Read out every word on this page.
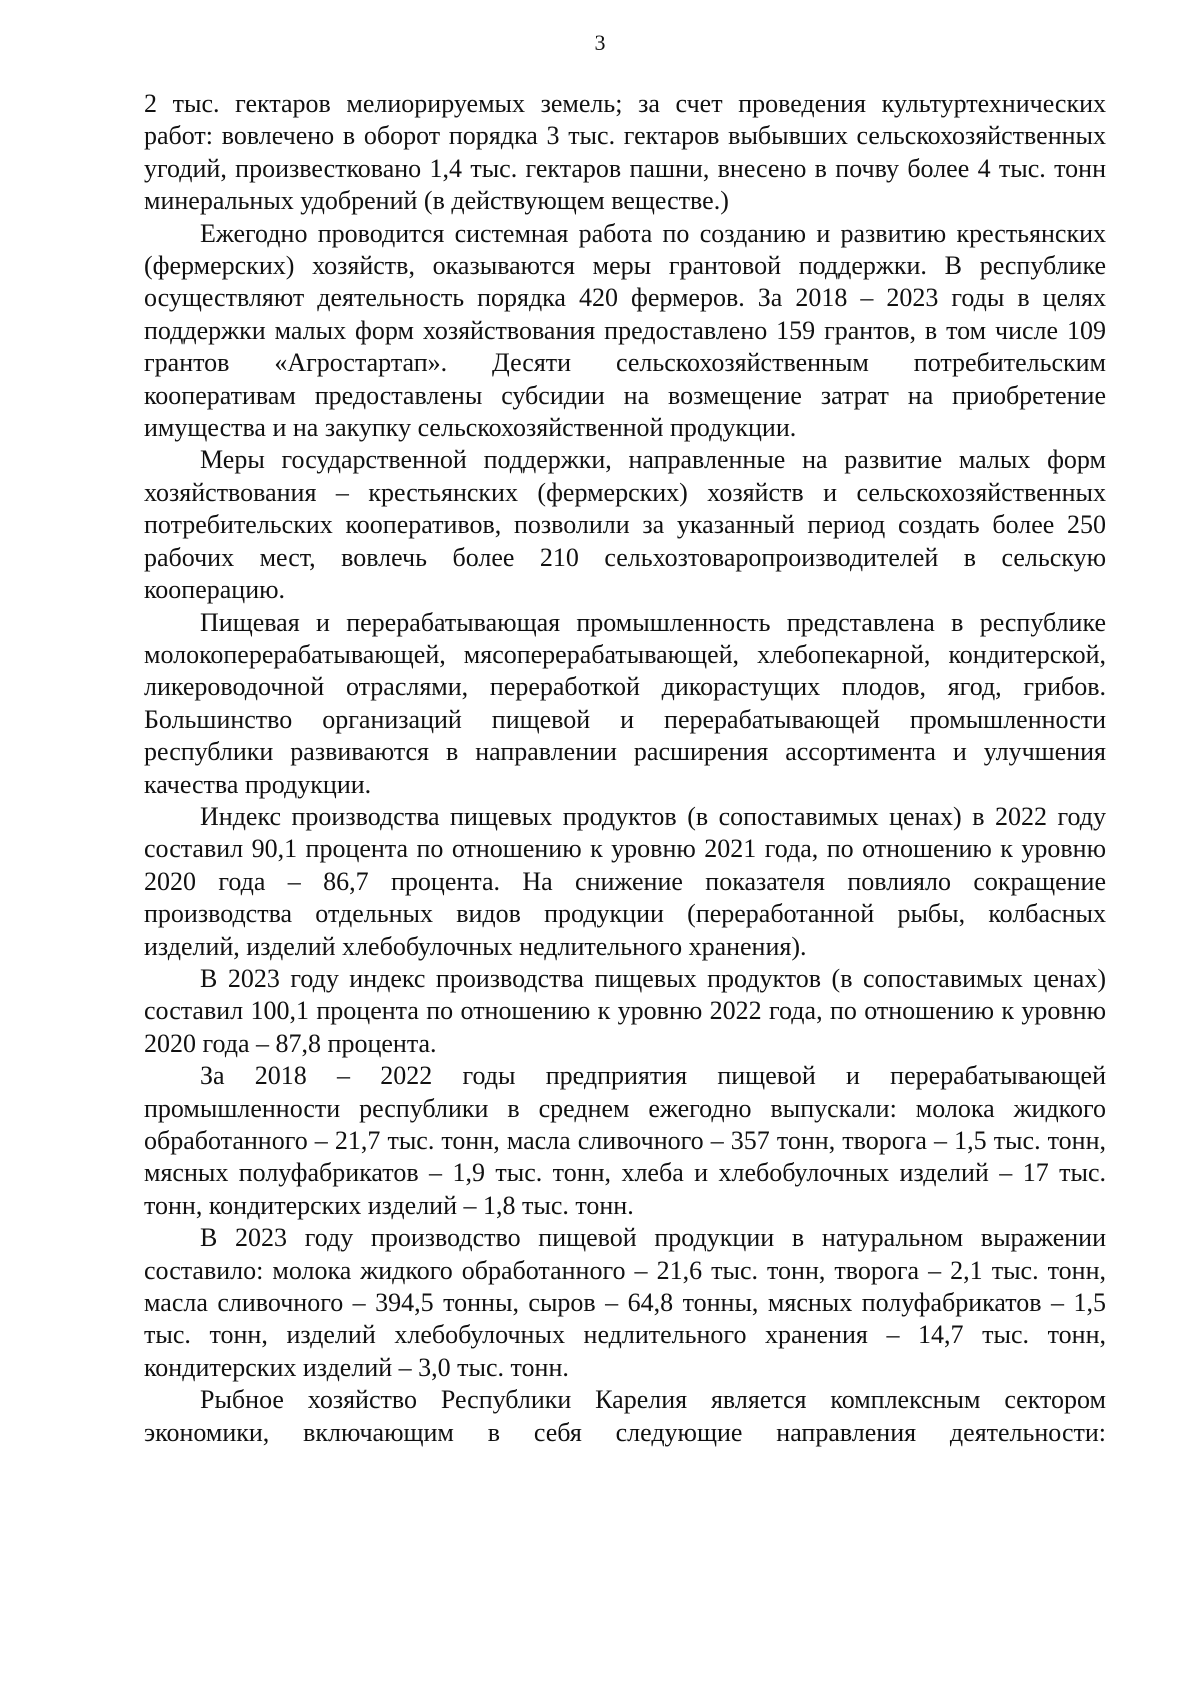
3

2 тыс. гектаров мелиорируемых земель; за счет проведения культуртехнических работ: вовлечено в оборот порядка 3 тыс. гектаров выбывших сельскохозяйственных угодий, произвестковано 1,4 тыс. гектаров пашни, внесено в почву более 4 тыс. тонн минеральных удобрений (в действующем веществе.)

Ежегодно проводится системная работа по созданию и развитию крестьянских (фермерских) хозяйств, оказываются меры грантовой поддержки. В республике осуществляют деятельность порядка 420 фермеров. За 2018 – 2023 годы в целях поддержки малых форм хозяйствования предоставлено 159 грантов, в том числе 109 грантов «Агростартап». Десяти сельскохозяйственным потребительским кооперативам предоставлены субсидии на возмещение затрат на приобретение имущества и на закупку сельскохозяйственной продукции.

Меры государственной поддержки, направленные на развитие малых форм хозяйствования – крестьянских (фермерских) хозяйств и сельскохозяйственных потребительских кооперативов, позволили за указанный период создать более 250 рабочих мест, вовлечь более 210 сельхозтоваропроизводителей в сельскую кооперацию.

Пищевая и перерабатывающая промышленность представлена в республике молокоперерабатывающей, мясоперерабатывающей, хлебопекарной, кондитерской, ликероводочной отраслями, переработкой дикорастущих плодов, ягод, грибов. Большинство организаций пищевой и перерабатывающей промышленности республики развиваются в направлении расширения ассортимента и улучшения качества продукции.

Индекс производства пищевых продуктов (в сопоставимых ценах) в 2022 году составил 90,1 процента по отношению к уровню 2021 года, по отношению к уровню 2020 года – 86,7 процента. На снижение показателя повлияло сокращение производства отдельных видов продукции (переработанной рыбы, колбасных изделий, изделий хлебобулочных недлительного хранения).

В 2023 году индекс производства пищевых продуктов (в сопоставимых ценах) составил 100,1 процента по отношению к уровню 2022 года, по отношению к уровню 2020 года – 87,8 процента.

За 2018 – 2022 годы предприятия пищевой и перерабатывающей промышленности республики в среднем ежегодно выпускали: молока жидкого обработанного – 21,7 тыс. тонн, масла сливочного – 357 тонн, творога – 1,5 тыс. тонн, мясных полуфабрикатов – 1,9 тыс. тонн, хлеба и хлебобулочных изделий – 17 тыс. тонн, кондитерских изделий – 1,8 тыс. тонн.

В 2023 году производство пищевой продукции в натуральном выражении составило: молока жидкого обработанного – 21,6 тыс. тонн, творога – 2,1 тыс. тонн, масла сливочного – 394,5 тонны, сыров – 64,8 тонны, мясных полуфабрикатов – 1,5 тыс. тонн, изделий хлебобулочных недлительного хранения – 14,7 тыс. тонн, кондитерских изделий – 3,0 тыс. тонн.

Рыбное хозяйство Республики Карелия является комплексным сектором экономики, включающим в себя следующие направления деятельности:
